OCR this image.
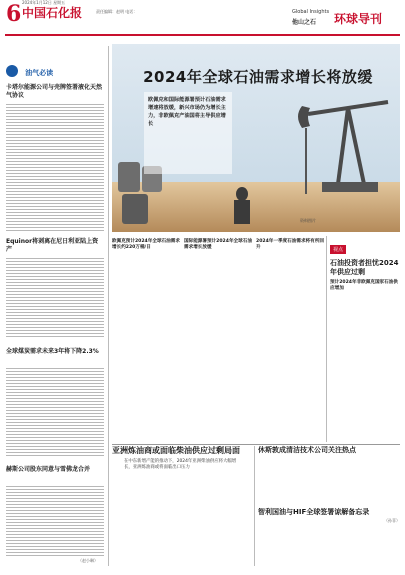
6 中国石化报
2024年1月12日 星期五
责任编辑：赵明 电话：	Global Insights
他山之石 环球导刊
油气必读
卡塔尔能源公司与壳牌签署液化天然气协议
Equinor将剥离在尼日利亚陆上资产
全球煤炭需求未来3年将下降2.3%
赫斯公司股东同意与雪佛龙合并
（赵小琳）
2024年全球石油需求增长将放缓
欧佩克和国际能源署预计石油需求增速将放缓，新兴市场仍为增长主力，非欧佩克产油国将主导供应增长
资料图片
欧佩克预计2024年全球石油需求增长约220万桶/日
国际能源署预计2024年全球石油需求增长放缓
2024年一季度石油需求将有所回升	视点
石油投资者担忧2024年供应过剩
预计2024年非欧佩克国家石油供应增加
亚洲炼油商或面临柴油供应过剩局面
在中东新增产能的推动下，2024年亚洲柴油供应将大幅增长，亚洲炼油商或将面临出口压力
休斯敦成清洁技术公司关注热点
智利国油与HIF全球签署谅解备忘录
（孙菲）
